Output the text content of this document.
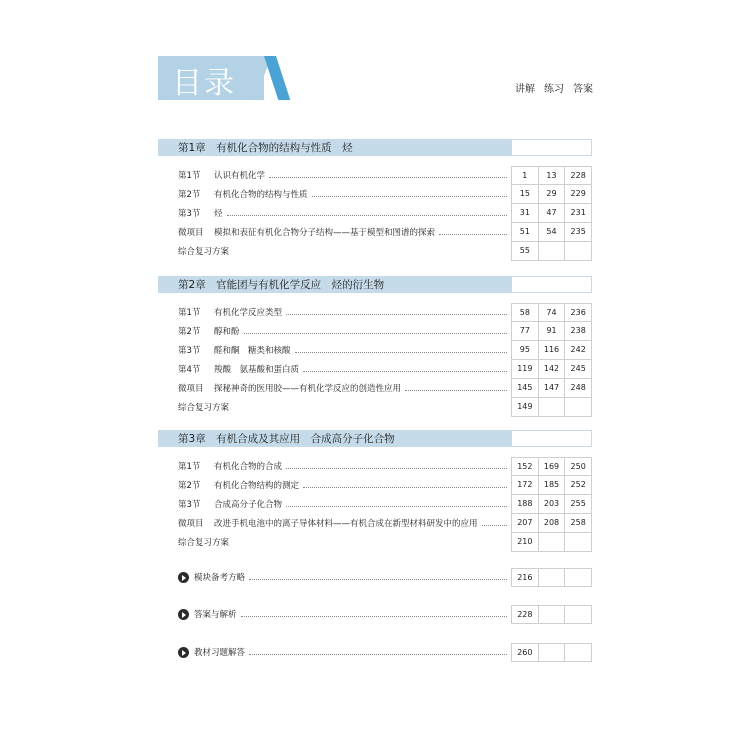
目录	讲解 练习 答案
第1章　有机化合物的结构与性质　烃
第1节	认识有机化学	1	13	228
第2节	有机化合物的结构与性质	15	29	229
第3节	烃	31	47	231
微项目	模拟和表征有机化合物分子结构——基于模型和图谱的探索	51	54	235
综合复习方案	55
第2章　官能团与有机化学反应　烃的衍生物
第1节	有机化学反应类型	58	74	236
第2节	醇和酚	77	91	238
第3节	醛和酮　糖类和核酸	95	116	242
第4节	羧酸　氨基酸和蛋白质	119	142	245
微项目	探秘神奇的医用胶——有机化学反应的创造性应用	145	147	248
综合复习方案	149
第3章　有机合成及其应用　合成高分子化合物
第1节	有机化合物的合成	152	169	250
第2节	有机化合物结构的测定	172	185	252
第3节	合成高分子化合物	188	203	255
微项目	改进手机电池中的离子导体材料——有机合成在新型材料研发中的应用	207	208	258
综合复习方案	210
模块备考方略	216
答案与解析	228
教材习题解答	260
